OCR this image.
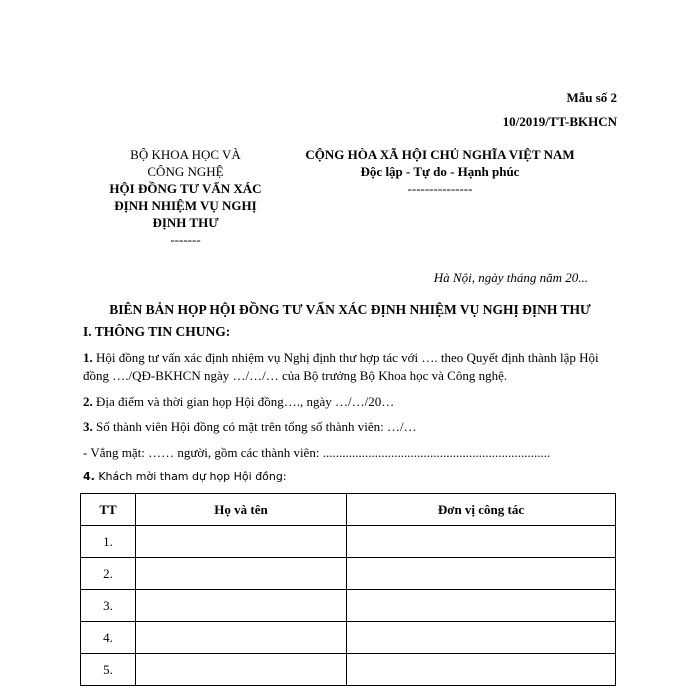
Mẫu số 2
10/2019/TT-BKHCN
BỘ KHOA HỌC VÀ
CÔNG NGHỆ
HỘI ĐỒNG TƯ VẤN XÁC
ĐỊNH NHIỆM VỤ NGHỊ
ĐỊNH THƯ
-------
CỘNG HÒA XÃ HỘI CHỦ NGHĨA VIỆT NAM
Độc lập - Tự do - Hạnh phúc
---------------
Hà Nội, ngày tháng năm 20...
BIÊN BẢN HỌP HỘI ĐỒNG TƯ VẤN XÁC ĐỊNH NHIỆM VỤ NGHỊ ĐỊNH THƯ
I. THÔNG TIN CHUNG:
1. Hội đồng tư vấn xác định nhiệm vụ Nghị định thư hợp tác với …. theo Quyết định thành lập Hội đồng …./QĐ-BKHCN ngày …/…/… của Bộ trưởng Bộ Khoa học và Công nghệ.
2. Địa điểm và thời gian họp Hội đồng…., ngày …/…/20…
3. Số thành viên Hội đồng có mặt trên tổng số thành viên: …/…
- Vắng mặt: …… người, gồm các thành viên: ......................................................................
4. Khách mời tham dự họp Hội đồng:
TT	Họ và tên	Đơn vị công tác
1.		
2.		
3.		
4.		
5.		
